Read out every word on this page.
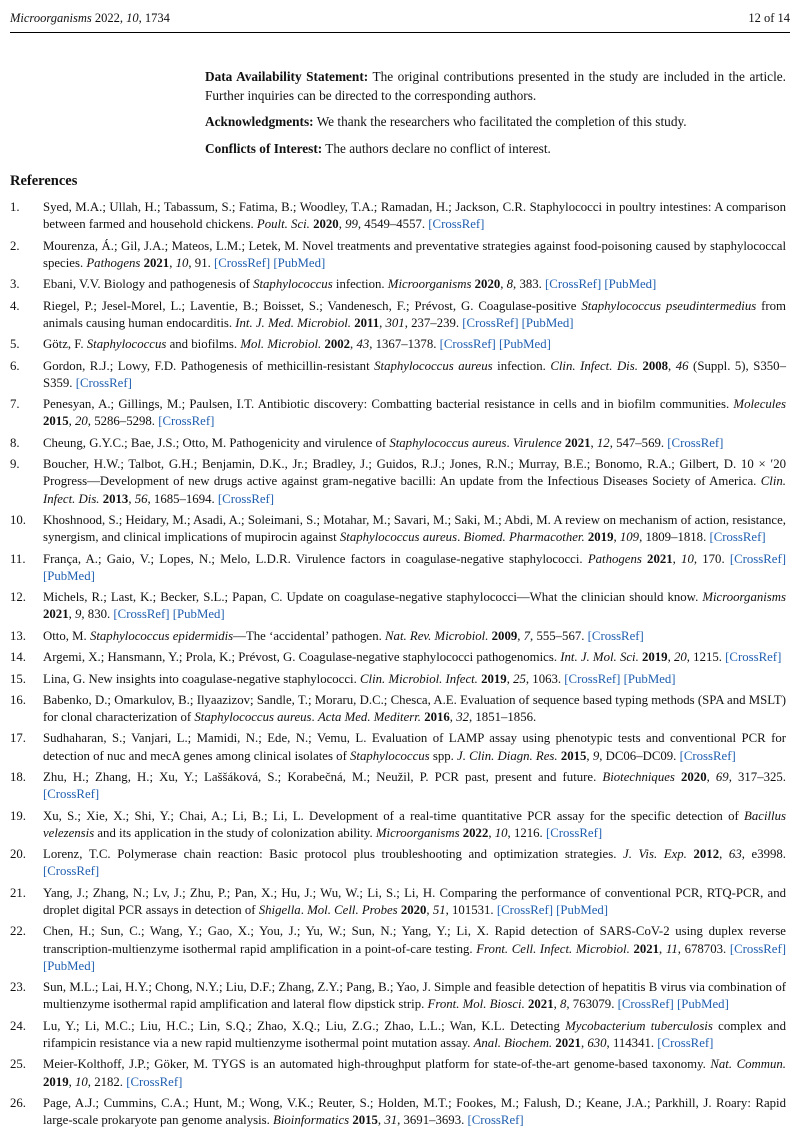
Microorganisms 2022, 10, 1734	12 of 14

Data Availability Statement: The original contributions presented in the study are included in the article. Further inquiries can be directed to the corresponding authors.

Acknowledgments: We thank the researchers who facilitated the completion of this study.

Conflicts of Interest: The authors declare no conflict of interest.

References
1. Syed, M.A.; Ullah, H.; Tabassum, S.; Fatima, B.; Woodley, T.A.; Ramadan, H.; Jackson, C.R. Staphylococci in poultry intestines: A comparison between farmed and household chickens. Poult. Sci. 2020, 99, 4549–4557. [CrossRef]
2. Mourenza, Á.; Gil, J.A.; Mateos, L.M.; Letek, M. Novel treatments and preventative strategies against food-poisoning caused by staphylococcal species. Pathogens 2021, 10, 91. [CrossRef] [PubMed]
3. Ebani, V.V. Biology and pathogenesis of Staphylococcus infection. Microorganisms 2020, 8, 383. [CrossRef] [PubMed]
4. Riegel, P.; Jesel-Morel, L.; Laventie, B.; Boisset, S.; Vandenesch, F.; Prévost, G. Coagulase-positive Staphylococcus pseudintermedius from animals causing human endocarditis. Int. J. Med. Microbiol. 2011, 301, 237–239. [CrossRef] [PubMed]
5. Götz, F. Staphylococcus and biofilms. Mol. Microbiol. 2002, 43, 1367–1378. [CrossRef] [PubMed]
6. Gordon, R.J.; Lowy, F.D. Pathogenesis of methicillin-resistant Staphylococcus aureus infection. Clin. Infect. Dis. 2008, 46 (Suppl. 5), S350–S359. [CrossRef]
7. Penesyan, A.; Gillings, M.; Paulsen, I.T. Antibiotic discovery: Combatting bacterial resistance in cells and in biofilm communities. Molecules 2015, 20, 5286–5298. [CrossRef]
8. Cheung, G.Y.C.; Bae, J.S.; Otto, M. Pathogenicity and virulence of Staphylococcus aureus. Virulence 2021, 12, 547–569. [CrossRef]
9. Boucher, H.W.; Talbot, G.H.; Benjamin, D.K., Jr.; Bradley, J.; Guidos, R.J.; Jones, R.N.; Murray, B.E.; Bonomo, R.A.; Gilbert, D. 10 × ′20 Progress—Development of new drugs active against gram-negative bacilli: An update from the Infectious Diseases Society of America. Clin. Infect. Dis. 2013, 56, 1685–1694. [CrossRef]
10. Khoshnood, S.; Heidary, M.; Asadi, A.; Soleimani, S.; Motahar, M.; Savari, M.; Saki, M.; Abdi, M. A review on mechanism of action, resistance, synergism, and clinical implications of mupirocin against Staphylococcus aureus. Biomed. Pharmacother. 2019, 109, 1809–1818. [CrossRef]
11. França, A.; Gaio, V.; Lopes, N.; Melo, L.D.R. Virulence factors in coagulase-negative staphylococci. Pathogens 2021, 10, 170. [CrossRef] [PubMed]
12. Michels, R.; Last, K.; Becker, S.L.; Papan, C. Update on coagulase-negative staphylococci—What the clinician should know. Microorganisms 2021, 9, 830. [CrossRef] [PubMed]
13. Otto, M. Staphylococcus epidermidis—The ‘accidental’ pathogen. Nat. Rev. Microbiol. 2009, 7, 555–567. [CrossRef]
14. Argemi, X.; Hansmann, Y.; Prola, K.; Prévost, G. Coagulase-negative staphylococci pathogenomics. Int. J. Mol. Sci. 2019, 20, 1215. [CrossRef]
15. Lina, G. New insights into coagulase-negative staphylococci. Clin. Microbiol. Infect. 2019, 25, 1063. [CrossRef] [PubMed]
16. Babenko, D.; Omarkulov, B.; Ilyaazizov; Sandle, T.; Moraru, D.C.; Chesca, A.E. Evaluation of sequence based typing methods (SPA and MSLT) for clonal characterization of Staphylococcus aureus. Acta Med. Mediterr. 2016, 32, 1851–1856.
17. Sudhaharan, S.; Vanjari, L.; Mamidi, N.; Ede, N.; Vemu, L. Evaluation of LAMP assay using phenotypic tests and conventional PCR for detection of nuc and mecA genes among clinical isolates of Staphylococcus spp. J. Clin. Diagn. Res. 2015, 9, DC06–DC09. [CrossRef]
18. Zhu, H.; Zhang, H.; Xu, Y.; Laššáková, S.; Korabečná, M.; Neužil, P. PCR past, present and future. Biotechniques 2020, 69, 317–325. [CrossRef]
19. Xu, S.; Xie, X.; Shi, Y.; Chai, A.; Li, B.; Li, L. Development of a real-time quantitative PCR assay for the specific detection of Bacillus velezensis and its application in the study of colonization ability. Microorganisms 2022, 10, 1216. [CrossRef]
20. Lorenz, T.C. Polymerase chain reaction: Basic protocol plus troubleshooting and optimization strategies. J. Vis. Exp. 2012, 63, e3998. [CrossRef]
21. Yang, J.; Zhang, N.; Lv, J.; Zhu, P.; Pan, X.; Hu, J.; Wu, W.; Li, S.; Li, H. Comparing the performance of conventional PCR, RTQ-PCR, and droplet digital PCR assays in detection of Shigella. Mol. Cell. Probes 2020, 51, 101531. [CrossRef] [PubMed]
22. Chen, H.; Sun, C.; Wang, Y.; Gao, X.; You, J.; Yu, W.; Sun, N.; Yang, Y.; Li, X. Rapid detection of SARS-CoV-2 using duplex reverse transcription-multienzyme isothermal rapid amplification in a point-of-care testing. Front. Cell. Infect. Microbiol. 2021, 11, 678703. [CrossRef] [PubMed]
23. Sun, M.L.; Lai, H.Y.; Chong, N.Y.; Liu, D.F.; Zhang, Z.Y.; Pang, B.; Yao, J. Simple and feasible detection of hepatitis B virus via combination of multienzyme isothermal rapid amplification and lateral flow dipstick strip. Front. Mol. Biosci. 2021, 8, 763079. [CrossRef] [PubMed]
24. Lu, Y.; Li, M.C.; Liu, H.C.; Lin, S.Q.; Zhao, X.Q.; Liu, Z.G.; Zhao, L.L.; Wan, K.L. Detecting Mycobacterium tuberculosis complex and rifampicin resistance via a new rapid multienzyme isothermal point mutation assay. Anal. Biochem. 2021, 630, 114341. [CrossRef]
25. Meier-Kolthoff, J.P.; Göker, M. TYGS is an automated high-throughput platform for state-of-the-art genome-based taxonomy. Nat. Commun. 2019, 10, 2182. [CrossRef]
26. Page, A.J.; Cummins, C.A.; Hunt, M.; Wong, V.K.; Reuter, S.; Holden, M.T.; Fookes, M.; Falush, D.; Keane, J.A.; Parkhill, J. Roary: Rapid large-scale prokaryote pan genome analysis. Bioinformatics 2015, 31, 3691–3693. [CrossRef]
